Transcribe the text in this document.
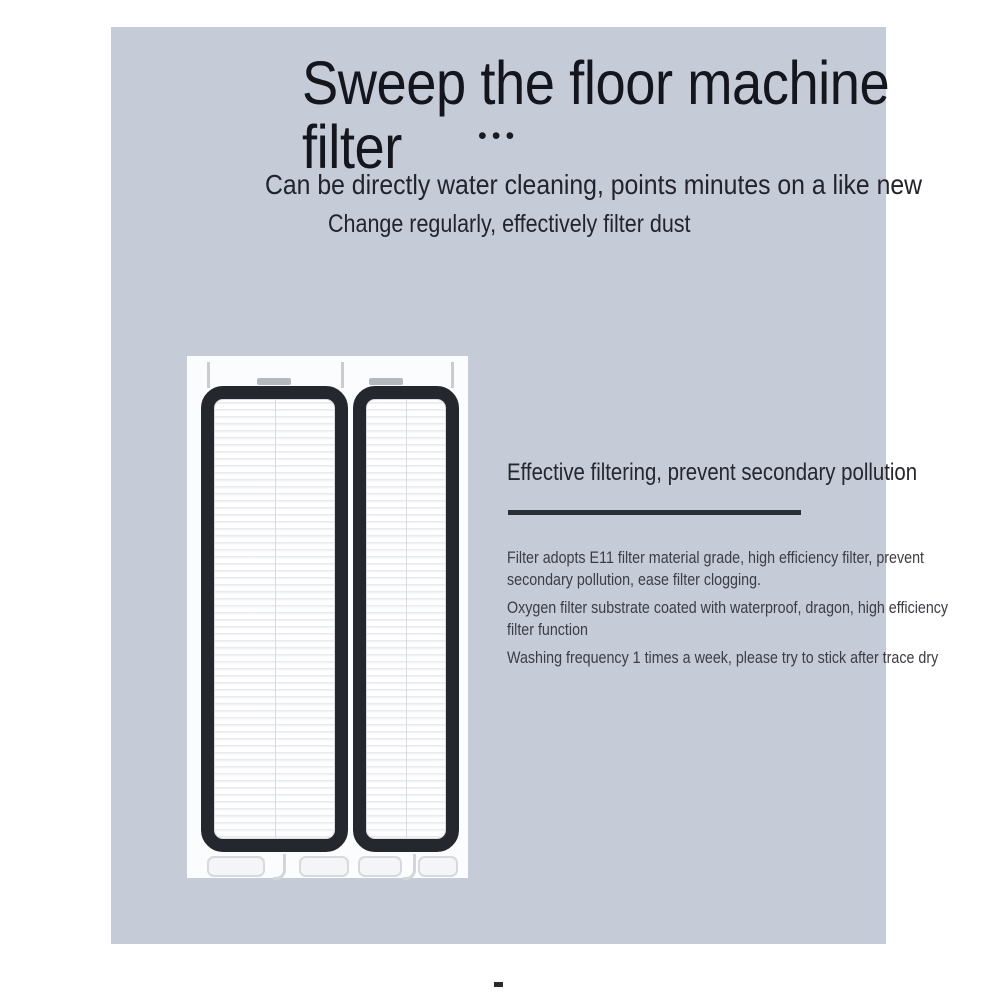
Sweep the floor machine
filter	•••
Can be directly water cleaning, points minutes on a like new
Change regularly, effectively filter dust
Effective filtering, prevent secondary pollution

Filter adopts E11 filter material grade, high efficiency filter, prevent
secondary pollution, ease filter clogging.

Oxygen filter substrate coated with waterproof, dragon, high efficiency
filter function

Washing frequency 1 times a week, please try to stick after trace dry
